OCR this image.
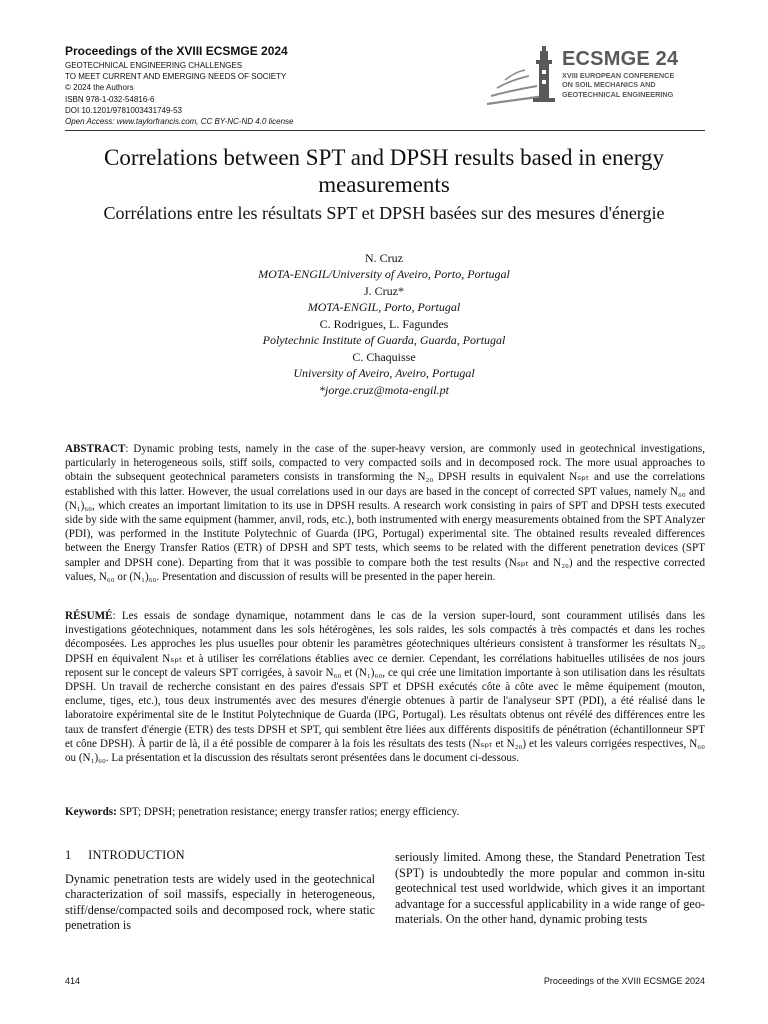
Proceedings of the XVIII ECSMGE 2024
GEOTECHNICAL ENGINEERING CHALLENGES
TO MEET CURRENT AND EMERGING NEEDS OF SOCIETY
© 2024 the Authors
ISBN 978-1-032-54816-6
DOI 10.1201/9781003431749-53
Open Access: www.taylorfrancis.com, CC BY-NC-ND 4.0 license
ECSMGE 24
XVIII EUROPEAN CONFERENCE
ON SOIL MECHANICS AND
GEOTECHNICAL ENGINEERING
Correlations between SPT and DPSH results based in energy measurements
Corrélations entre les résultats SPT et DPSH basées sur des mesures d'énergie
N. Cruz
MOTA-ENGIL/University of Aveiro, Porto, Portugal
J. Cruz*
MOTA-ENGIL, Porto, Portugal
C. Rodrigues, L. Fagundes
Polytechnic Institute of Guarda, Guarda, Portugal
C. Chaquisse
University of Aveiro, Aveiro, Portugal
*jorge.cruz@mota-engil.pt
ABSTRACT: Dynamic probing tests, namely in the case of the super-heavy version, are commonly used in geotechnical investigations, particularly in heterogeneous soils, stiff soils, compacted to very compacted soils and in decomposed rock. The more usual approaches to obtain the subsequent geotechnical parameters consists in transforming the N₂₀ DPSH results in equivalent Nₛₚₜ and use the correlations established with this latter. However, the usual correlations used in our days are based in the concept of corrected SPT values, namely N₆₀ and (N₁)₆₀, which creates an important limitation to its use in DPSH results. A research work consisting in pairs of SPT and DPSH tests executed side by side with the same equipment (hammer, anvil, rods, etc.), both instrumented with energy measurements obtained from the SPT Analyzer (PDI), was performed in the Institute Polytechnic of Guarda (IPG, Portugal) experimental site. The obtained results revealed differences between the Energy Transfer Ratios (ETR) of DPSH and SPT tests, which seems to be related with the different penetration devices (SPT sampler and DPSH cone). Departing from that it was possible to compare both the test results (Nₛₚₜ and N₂₀) and the respective corrected values, N₆₀ or (N₁)₆₀. Presentation and discussion of results will be presented in the paper herein.
RÉSUMÉ: Les essais de sondage dynamique, notamment dans le cas de la version super-lourd, sont couramment utilisés dans les investigations géotechniques, notamment dans les sols hétérogènes, les sols raides, les sols compactés à très compactés et dans les roches décomposées. Les approches les plus usuelles pour obtenir les paramètres géotechniques ultérieurs consistent à transformer les résultats N₂₀ DPSH en équivalent Nₛₚₜ et à utiliser les corrélations établies avec ce dernier. Cependant, les corrélations habituelles utilisées de nos jours reposent sur le concept de valeurs SPT corrigées, à savoir N₆₀ et (N₁)₆₀, ce qui crée une limitation importante à son utilisation dans les résultats DPSH. Un travail de recherche consistant en des paires d'essais SPT et DPSH exécutés côte à côte avec le même équipement (mouton, enclume, tiges, etc.), tous deux instrumentés avec des mesures d'énergie obtenues à partir de l'analyseur SPT (PDI), a été réalisé dans le laboratoire expérimental site de le Institut Polytechnique de Guarda (IPG, Portugal). Les résultats obtenus ont révélé des différences entre les taux de transfert d'énergie (ETR) des tests DPSH et SPT, qui semblent être liées aux différents dispositifs de pénétration (échantillonneur SPT et cône DPSH). À partir de là, il a été possible de comparer à la fois les résultats des tests (Nₛₚₜ et N₂₀) et les valeurs corrigées respectives, N₆₀ ou (N₁)₆₀. La présentation et la discussion des résultats seront présentées dans le document ci-dessous.
Keywords: SPT; DPSH; penetration resistance; energy transfer ratios; energy efficiency.
1     INTRODUCTION
Dynamic penetration tests are widely used in the geotechnical characterization of soil massifs, especially in heterogeneous, stiff/dense/compacted soils and decomposed rock, where static penetration is
seriously limited. Among these, the Standard Penetration Test (SPT) is undoubtedly the more popular and common in-situ geotechnical test used worldwide, which gives it an important advantage for a successful applicability in a wide range of geo-materials. On the other hand, dynamic probing tests
414	Proceedings of the XVIII ECSMGE 2024
